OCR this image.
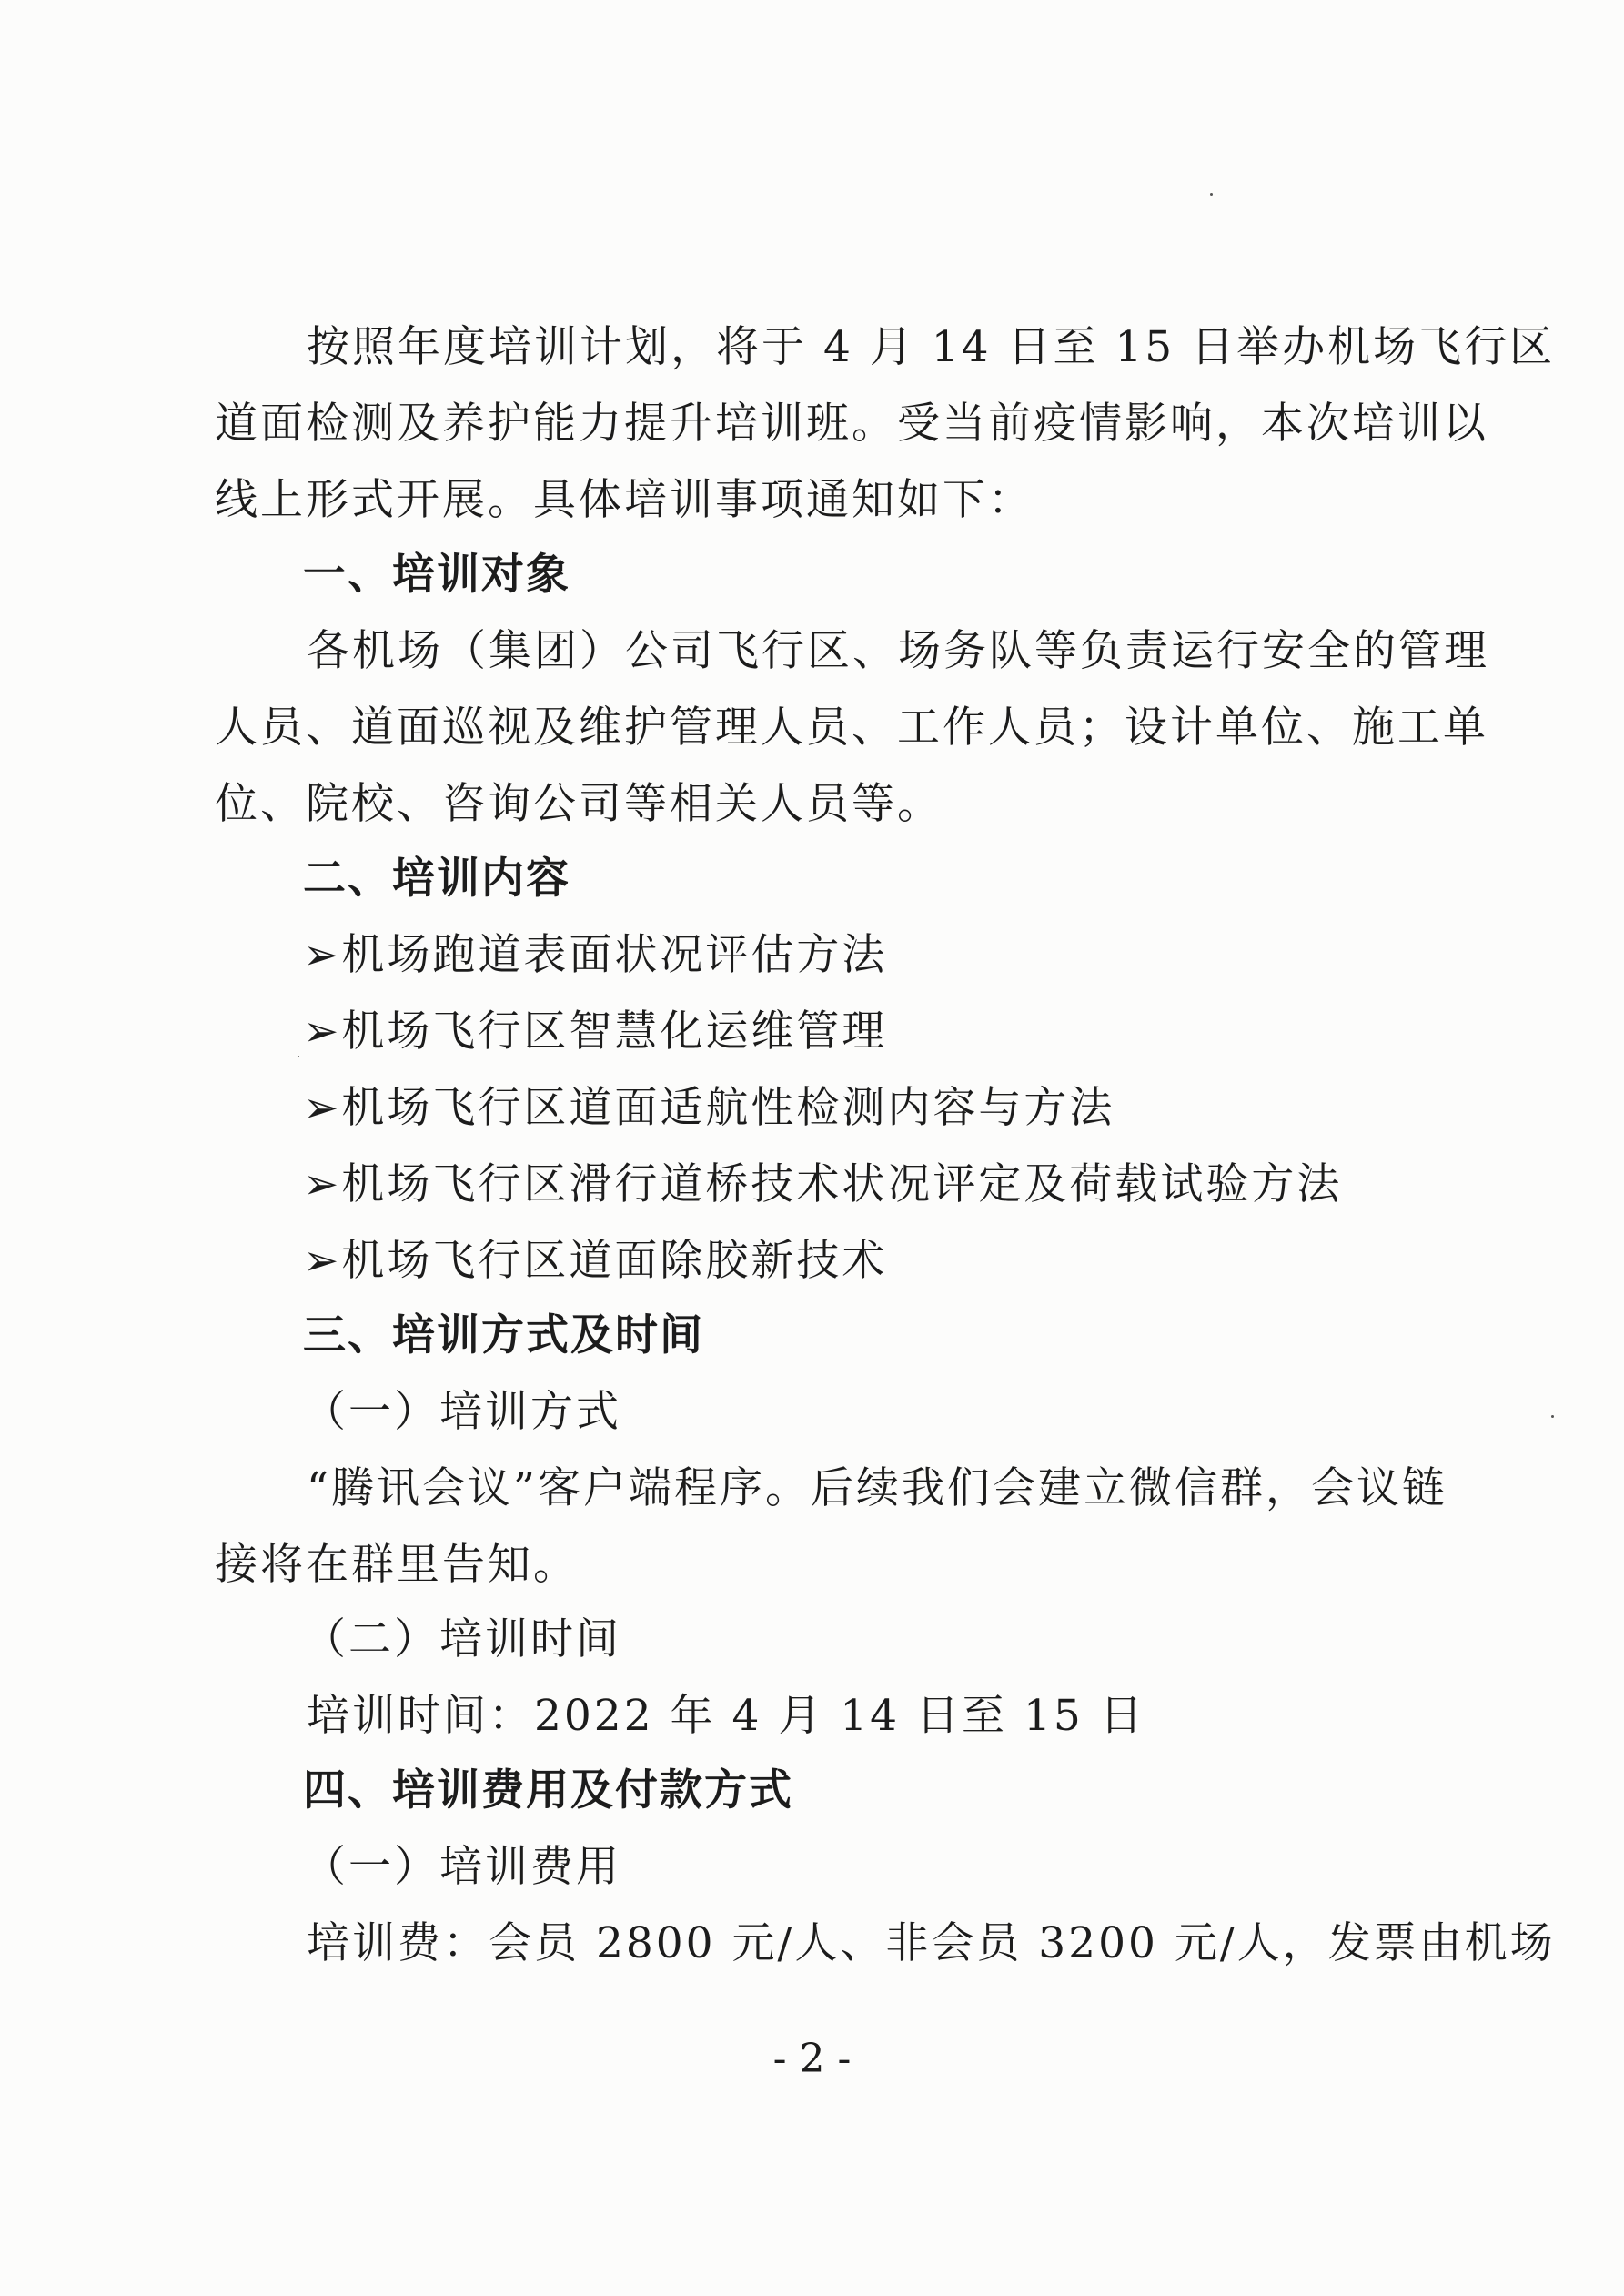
按照年度培训计划，将于 4 月 14 日至 15 日举办机场飞行区
道面检测及养护能力提升培训班。受当前疫情影响，本次培训以
线上形式开展。具体培训事项通知如下：
一、培训对象
各机场（集团）公司飞行区、场务队等负责运行安全的管理
人员、道面巡视及维护管理人员、工作人员；设计单位、施工单
位、院校、咨询公司等相关人员等。
二、培训内容
➢机场跑道表面状况评估方法
➢机场飞行区智慧化运维管理
➢机场飞行区道面适航性检测内容与方法
➢机场飞行区滑行道桥技术状况评定及荷载试验方法
➢机场飞行区道面除胶新技术
三、培训方式及时间
（一）培训方式
“腾讯会议”客户端程序。后续我们会建立微信群，会议链
接将在群里告知。
（二）培训时间
培训时间：2022 年 4 月 14 日至 15 日
四、培训费用及付款方式
（一）培训费用
培训费：会员 2800 元/人、非会员 3200 元/人，发票由机场
- 2 -
